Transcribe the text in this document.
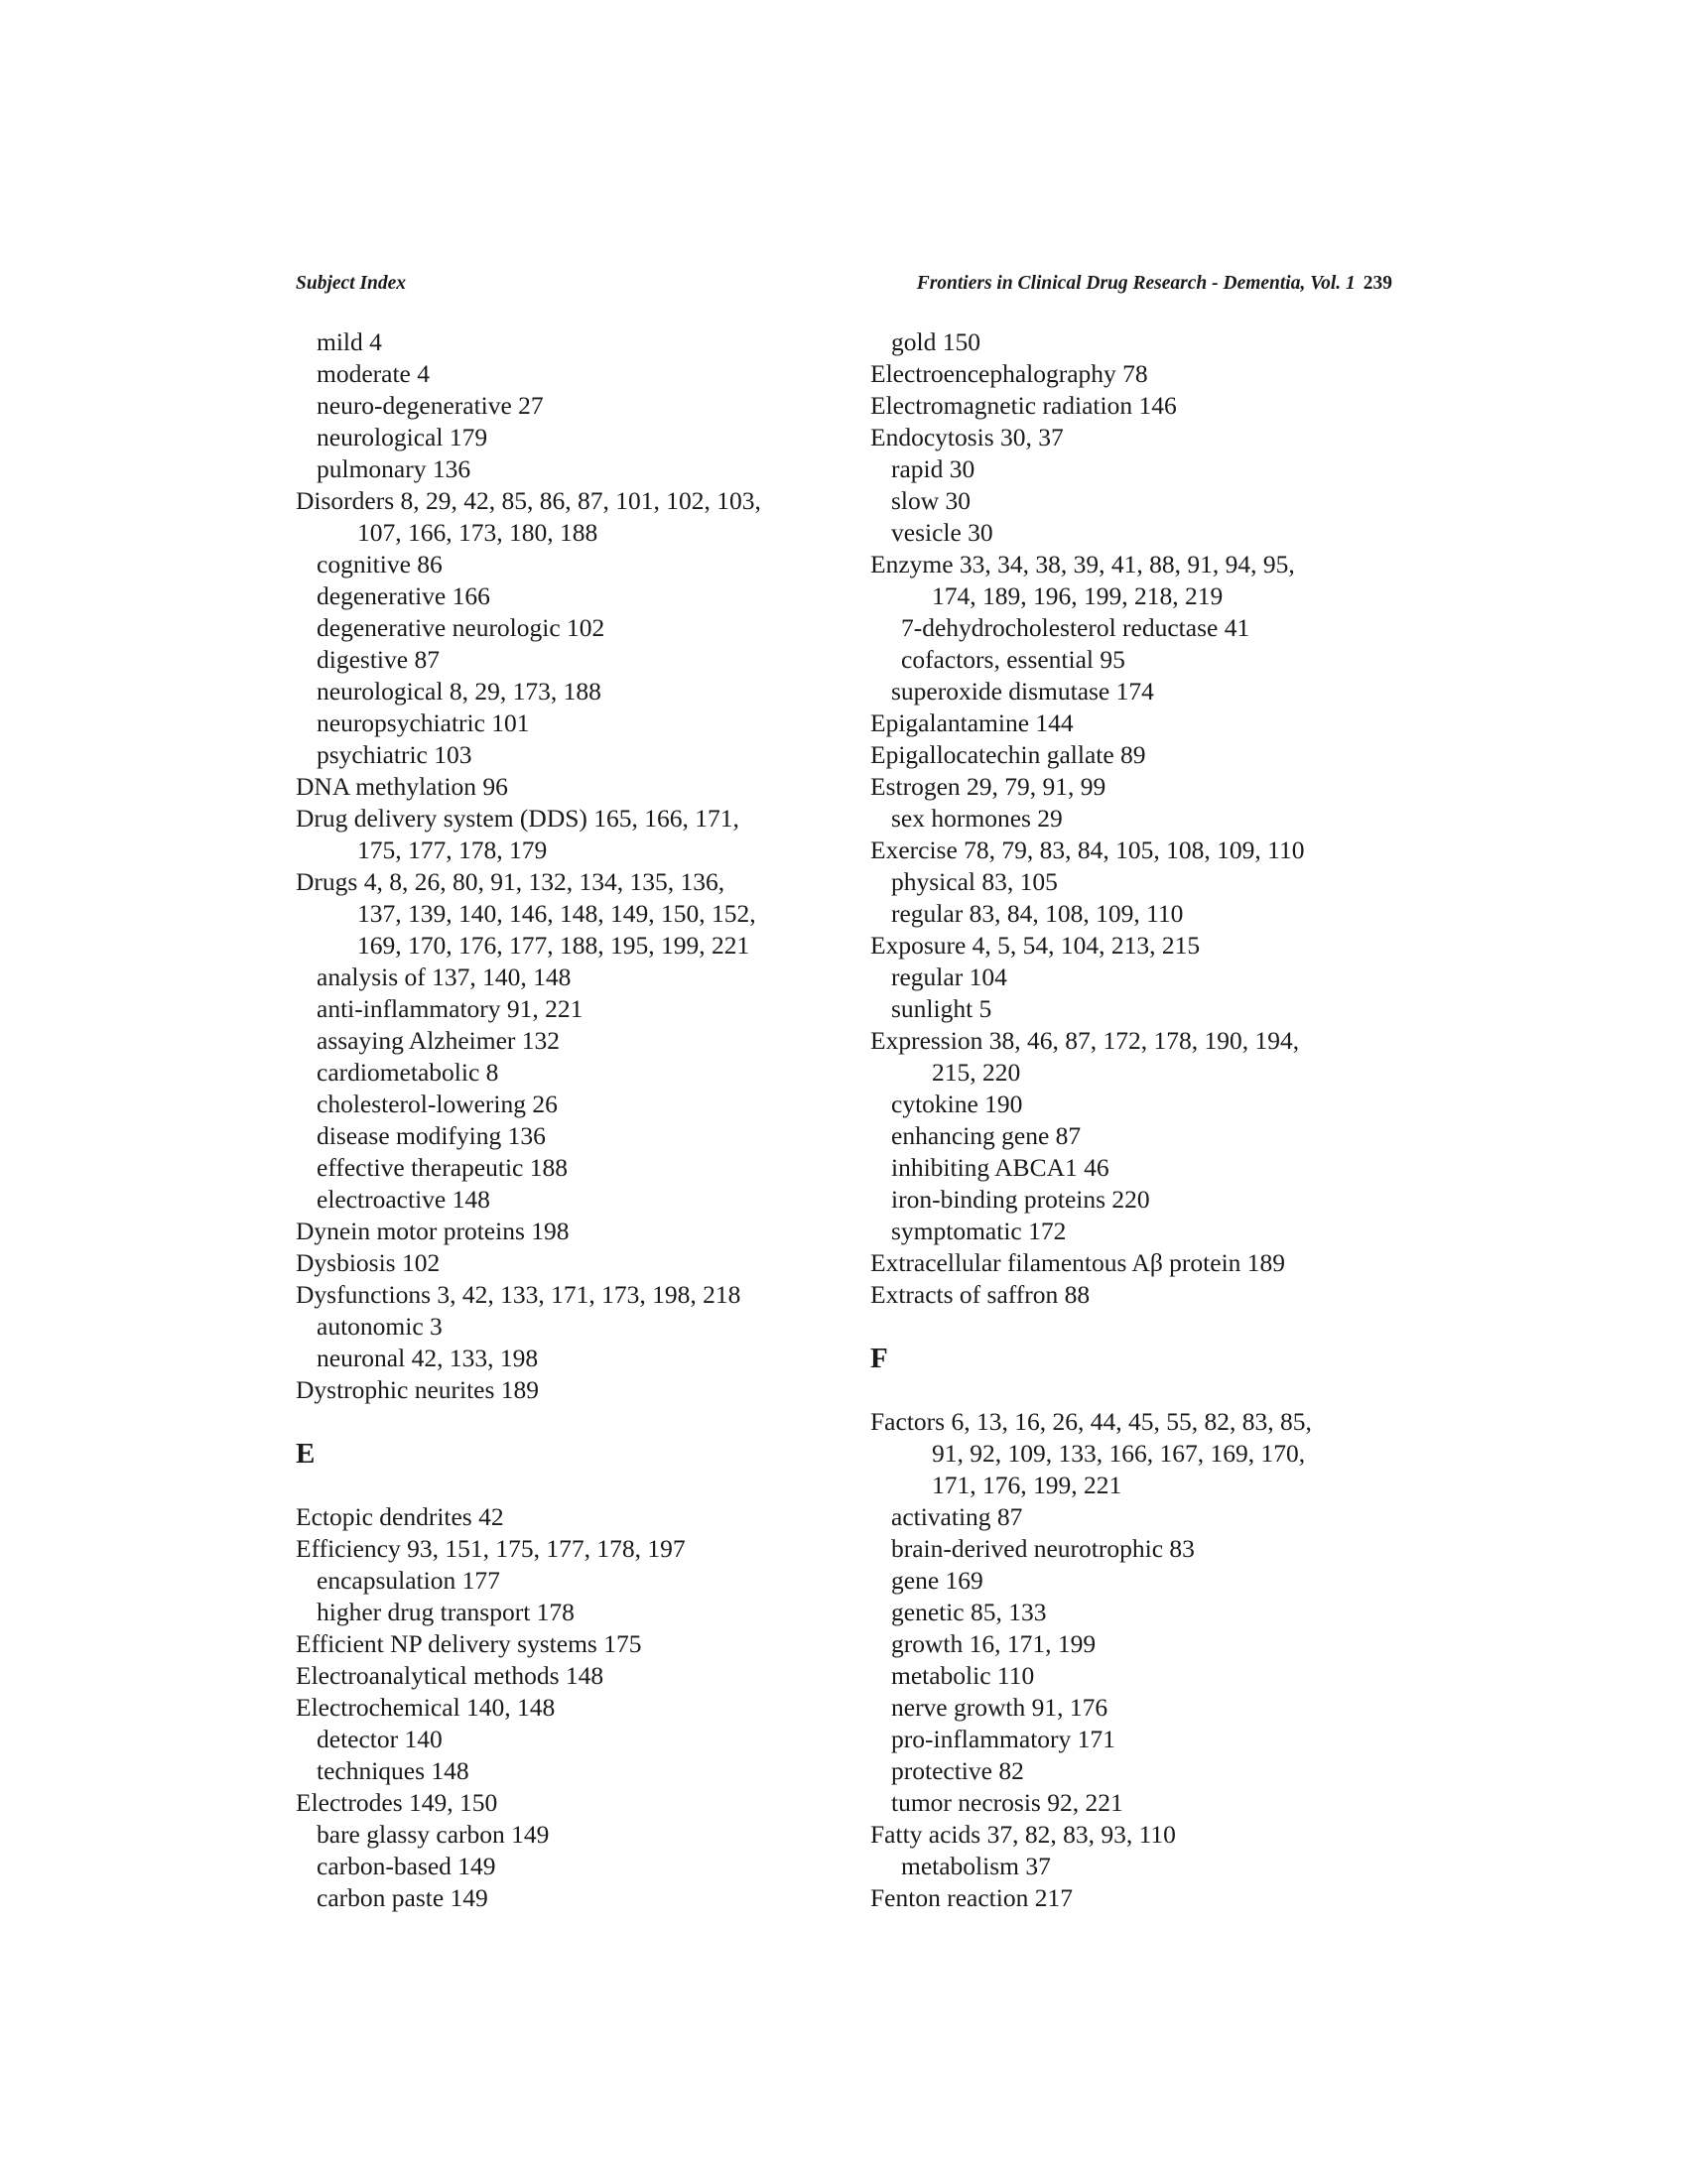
Subject Index	Frontiers in Clinical Drug Research - Dementia, Vol. 1 239
mild 4
moderate 4
neuro-degenerative 27
neurological 179
pulmonary 136
Disorders 8, 29, 42, 85, 86, 87, 101, 102, 103,
107, 166, 173, 180, 188
cognitive 86
degenerative 166
degenerative neurologic 102
digestive 87
neurological 8, 29, 173, 188
neuropsychiatric 101
psychiatric 103
DNA methylation 96
Drug delivery system (DDS) 165, 166, 171,
175, 177, 178, 179
Drugs 4, 8, 26, 80, 91, 132, 134, 135, 136,
137, 139, 140, 146, 148, 149, 150, 152,
169, 170, 176, 177, 188, 195, 199, 221
analysis of 137, 140, 148
anti-inflammatory 91, 221
assaying Alzheimer 132
cardiometabolic 8
cholesterol-lowering 26
disease modifying 136
effective therapeutic 188
electroactive 148
Dynein motor proteins 198
Dysbiosis 102
Dysfunctions 3, 42, 133, 171, 173, 198, 218
autonomic 3
neuronal 42, 133, 198
Dystrophic neurites 189
E
Ectopic dendrites 42
Efficiency 93, 151, 175, 177, 178, 197
encapsulation 177
higher drug transport 178
Efficient NP delivery systems 175
Electroanalytical methods 148
Electrochemical 140, 148
detector 140
techniques 148
Electrodes 149, 150
bare glassy carbon 149
carbon-based 149
carbon paste 149
gold 150
Electroencephalography 78
Electromagnetic radiation 146
Endocytosis 30, 37
rapid 30
slow 30
vesicle 30
Enzyme 33, 34, 38, 39, 41, 88, 91, 94, 95,
174, 189, 196, 199, 218, 219
7-dehydrocholesterol reductase 41
cofactors, essential 95
superoxide dismutase 174
Epigalantamine 144
Epigallocatechin gallate 89
Estrogen 29, 79, 91, 99
sex hormones 29
Exercise 78, 79, 83, 84, 105, 108, 109, 110
physical 83, 105
regular 83, 84, 108, 109, 110
Exposure 4, 5, 54, 104, 213, 215
regular 104
sunlight 5
Expression 38, 46, 87, 172, 178, 190, 194,
215, 220
cytokine 190
enhancing gene 87
inhibiting ABCA1 46
iron-binding proteins 220
symptomatic 172
Extracellular filamentous Aβ protein 189
Extracts of saffron 88
F
Factors 6, 13, 16, 26, 44, 45, 55, 82, 83, 85,
91, 92, 109, 133, 166, 167, 169, 170,
171, 176, 199, 221
activating 87
brain-derived neurotrophic 83
gene 169
genetic 85, 133
growth 16, 171, 199
metabolic 110
nerve growth 91, 176
pro-inflammatory 171
protective 82
tumor necrosis 92, 221
Fatty acids 37, 82, 83, 93, 110
metabolism 37
Fenton reaction 217
